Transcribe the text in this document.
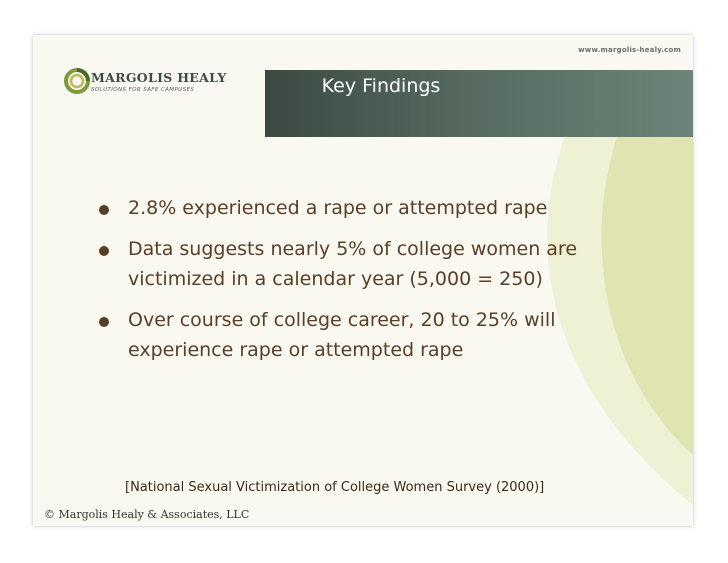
www.margolis-healy.com
MARGOLIS HEALY
SOLUTIONS FOR SAFE CAMPUSES	Key Findings
2.8% experienced a rape or attempted rape
Data suggests nearly 5% of college women are victimized in a calendar year (5,000 = 250)
Over course of college career, 20 to 25% will experience rape or attempted rape
[National Sexual Victimization of College Women Survey (2000)]
© Margolis Healy & Associates, LLC
